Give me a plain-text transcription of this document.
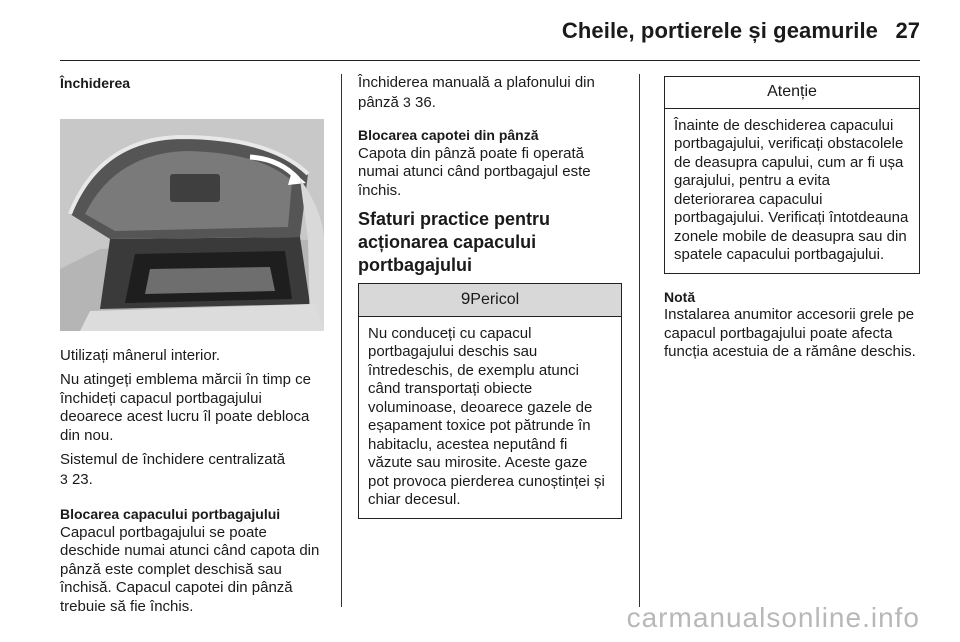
Cheile, portierele și geamurile 27
Închiderea

Utilizați mânerul interior.

Nu atingeți emblema mărcii în timp ce închideți capacul portbagajului deoarece acest lucru îl poate debloca din nou.

Sistemul de închidere centralizată
3 23.

Blocarea capacului portbagajului

Capacul portbagajului se poate deschide numai atunci când capota din pânză este complet deschisă sau închisă. Capacul capotei din pânză trebuie să fie închis.

Închiderea manuală a plafonului din pânză 3 36.

Blocarea capotei din pânză

Capota din pânză poate fi operată numai atunci când portbagajul este închis.

Sfaturi practice pentru acționarea capacului portbagajului
9Pericol
Nu conduceți cu capacul portbagajului deschis sau întredeschis, de exemplu atunci când transportați obiecte voluminoase, deoarece gazele de eșapament toxice pot pătrunde în habitaclu, acestea neputând fi văzute sau mirosite. Aceste gaze pot provoca pierderea cunoștinței și chiar decesul.
Atenție
Înainte de deschiderea capacului portbagajului, verificați obstacolele de deasupra capului, cum ar fi ușa garajului, pentru a evita deteriorarea capacului portbagajului. Verificați întotdeauna zonele mobile de deasupra sau din spatele capacului portbagajului.
Notă

Instalarea anumitor accesorii grele pe capacul portbagajului poate afecta funcția acestuia de a rămâne deschis.

carmanualsonline.info
